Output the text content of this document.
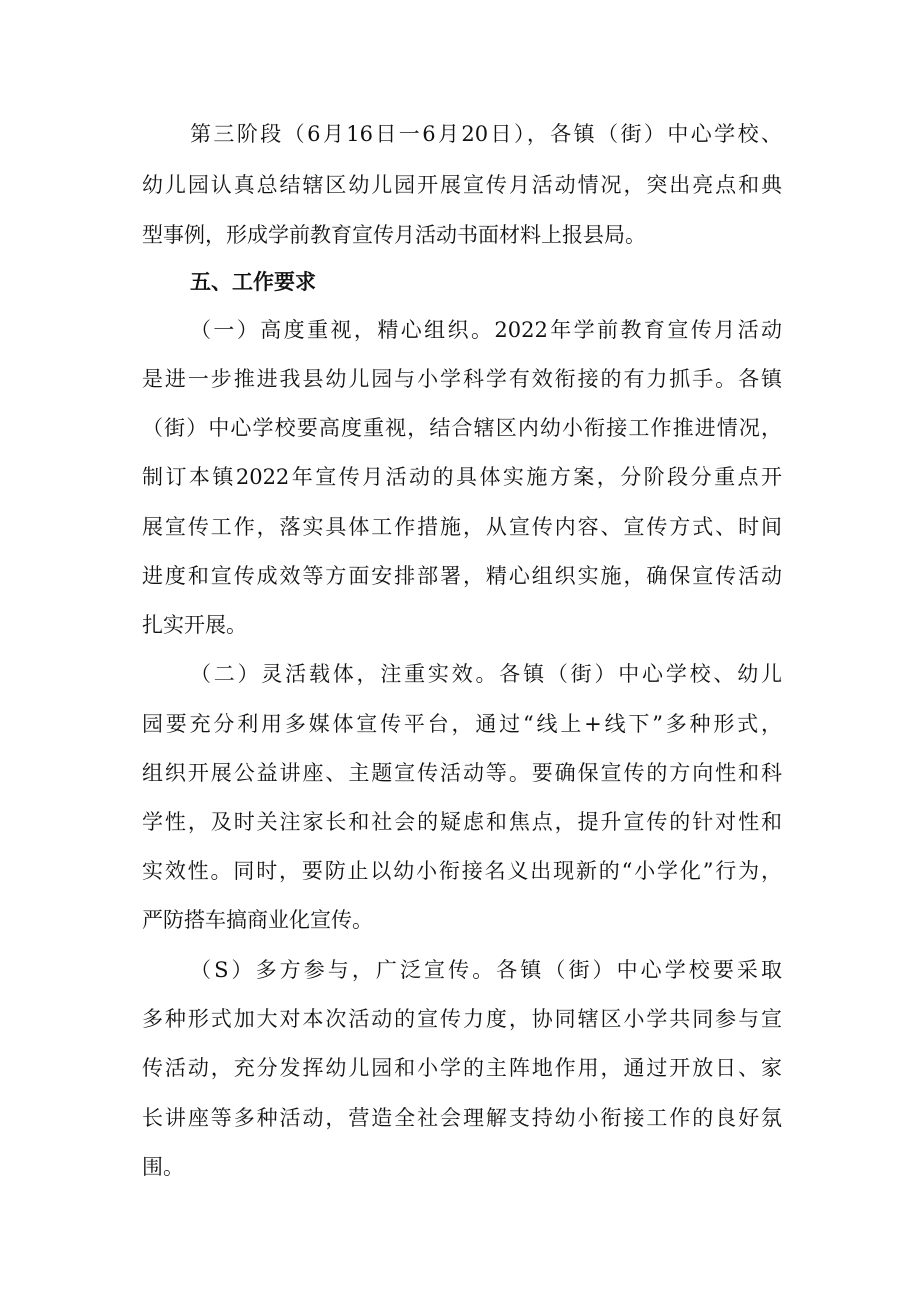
第三阶段（6月16日一6月20日），各镇（街）中心学校、

幼儿园认真总结辖区幼儿园开展宣传月活动情况，突出亮点和典

型事例，形成学前教育宣传月活动书面材料上报县局。

五、工作要求

（一）高度重视，精心组织。2022年学前教育宣传月活动

是进一步推进我县幼儿园与小学科学有效衔接的有力抓手。各镇

（街）中心学校要高度重视，结合辖区内幼小衔接工作推进情况，

制订本镇2022年宣传月活动的具体实施方案，分阶段分重点开

展宣传工作，落实具体工作措施，从宣传内容、宣传方式、时间

进度和宣传成效等方面安排部署，精心组织实施，确保宣传活动

扎实开展。

（二）灵活载体，注重实效。各镇（街）中心学校、幼儿

园要充分利用多媒体宣传平台，通过“线上+线下”多种形式，

组织开展公益讲座、主题宣传活动等。要确保宣传的方向性和科

学性，及时关注家长和社会的疑虑和焦点，提升宣传的针对性和

实效性。同时，要防止以幼小衔接名义出现新的“小学化”行为，

严防搭车搞商业化宣传。

（S）多方参与，广泛宣传。各镇（街）中心学校要采取

多种形式加大对本次活动的宣传力度，协同辖区小学共同参与宣

传活动，充分发挥幼儿园和小学的主阵地作用，通过开放日、家

长讲座等多种活动，营造全社会理解支持幼小衔接工作的良好氛

围。
